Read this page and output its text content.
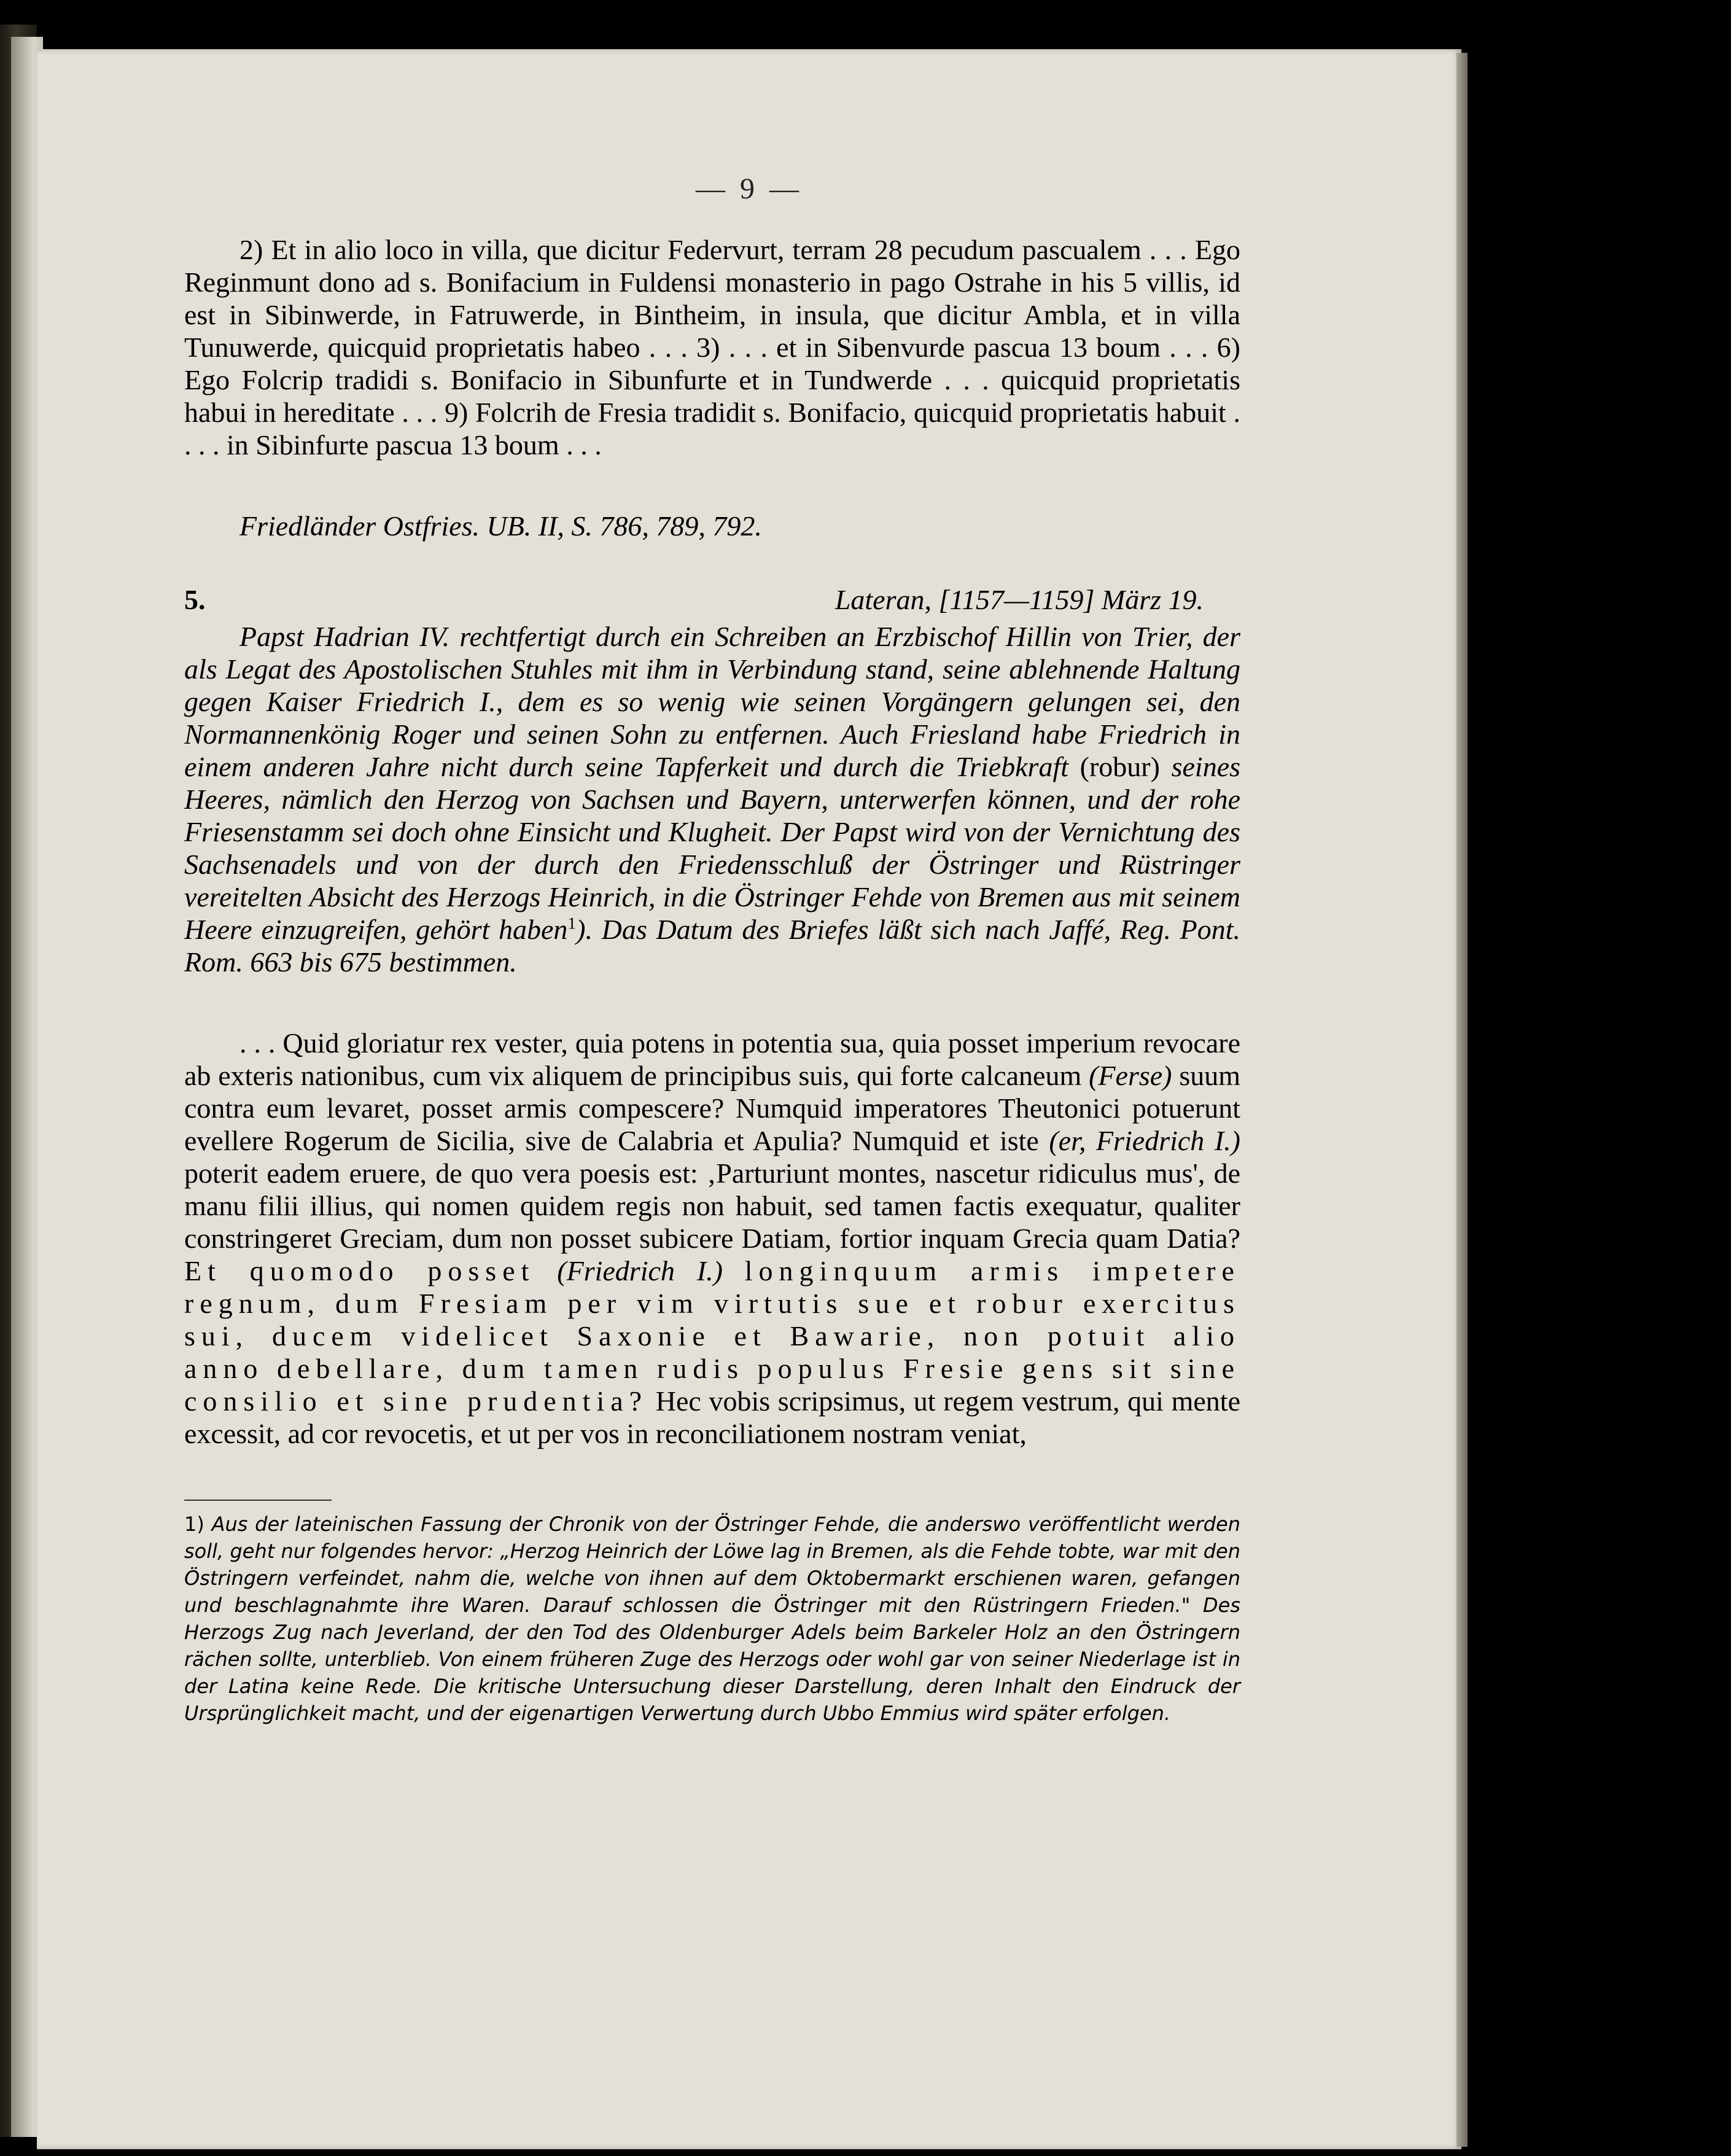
— 9 —

2) Et in alio loco in villa, que dicitur Federvurt, terram 28 pecudum pascualem . . . Ego Reginmunt dono ad s. Bonifacium in Fuldensi monasterio in pago Ostrahe in his 5 villis, id est in Sibinwerde, in Fatruwerde, in Bintheim, in insula, que dicitur Ambla, et in villa Tunuwerde, quicquid proprietatis habeo . . . 3) . . . et in Sibenvurde pascua 13 boum . . . 6) Ego Folcrip tradidi s. Bonifacio in Sibunfurte et in Tundwerde . . . quicquid proprietatis habui in hereditate . . . 9) Folcrih de Fresia tradidit s. Bonifacio, quicquid proprietatis habuit . . . . in Sibinfurte pascua 13 boum . . .

Friedländer Ostfries. UB. II, S. 786, 789, 792.

5.	Lateran, [1157—1159] März 19.

Papst Hadrian IV. rechtfertigt durch ein Schreiben an Erzbischof Hillin von Trier, der als Legat des Apostolischen Stuhles mit ihm in Verbindung stand, seine ablehnende Haltung gegen Kaiser Friedrich I., dem es so wenig wie seinen Vorgängern gelungen sei, den Normannenkönig Roger und seinen Sohn zu entfernen. Auch Friesland habe Friedrich in einem anderen Jahre nicht durch seine Tapferkeit und durch die Triebkraft (robur) seines Heeres, nämlich den Herzog von Sachsen und Bayern, unterwerfen können, und der rohe Friesenstamm sei doch ohne Einsicht und Klugheit. Der Papst wird von der Vernichtung des Sachsenadels und von der durch den Friedensschluß der Östringer und Rüstringer vereitelten Absicht des Herzogs Heinrich, in die Östringer Fehde von Bremen aus mit seinem Heere einzugreifen, gehört haben$^1$). Das Datum des Briefes läßt sich nach Jaffé, Reg. Pont. Rom. 663 bis 675 bestimmen.

. . . Quid gloriatur rex vester, quia potens in potentia sua, quia posset imperium revocare ab exteris nationibus, cum vix aliquem de principibus suis, qui forte calcaneum (Ferse) suum contra eum levaret, posset armis compescere? Numquid imperatores Theutonici potuerunt evellere Rogerum de Sicilia, sive de Calabria et Apulia? Numquid et iste (er, Friedrich I.) poterit eadem eruere, de quo vera poesis est: ‚Parturiunt montes, nascetur ridiculus mus', de manu filii illius, qui nomen quidem regis non habuit, sed tamen factis exequatur, qualiter constringeret Greciam, dum non posset subicere Datiam, fortior inquam Grecia quam Datia? Et quomodo posset (Friedrich I.) longinquum armis impetere regnum, dum Fresiam per vim virtutis sue et robur exercitus sui, ducem videlicet Saxonie et Bawarie, non potuit alio anno debellare, dum tamen rudis populus Fresie gens sit sine consilio et sine prudentia? Hec vobis scripsimus, ut regem vestrum, qui mente excessit, ad cor revocetis, et ut per vos in reconciliationem nostram veniat,

1) Aus der lateinischen Fassung der Chronik von der Östringer Fehde, die anderswo veröffentlicht werden soll, geht nur folgendes hervor: „Herzog Heinrich der Löwe lag in Bremen, als die Fehde tobte, war mit den Östringern verfeindet, nahm die, welche von ihnen auf dem Oktobermarkt erschienen waren, gefangen und beschlagnahmte ihre Waren. Darauf schlossen die Östringer mit den Rüstringern Frieden." Des Herzogs Zug nach Jeverland, der den Tod des Oldenburger Adels beim Barkeler Holz an den Östringern rächen sollte, unterblieb. Von einem früheren Zuge des Herzogs oder wohl gar von seiner Niederlage ist in der Latina keine Rede. Die kritische Untersuchung dieser Darstellung, deren Inhalt den Eindruck der Ursprünglichkeit macht, und der eigenartigen Verwertung durch Ubbo Emmius wird später erfolgen.
